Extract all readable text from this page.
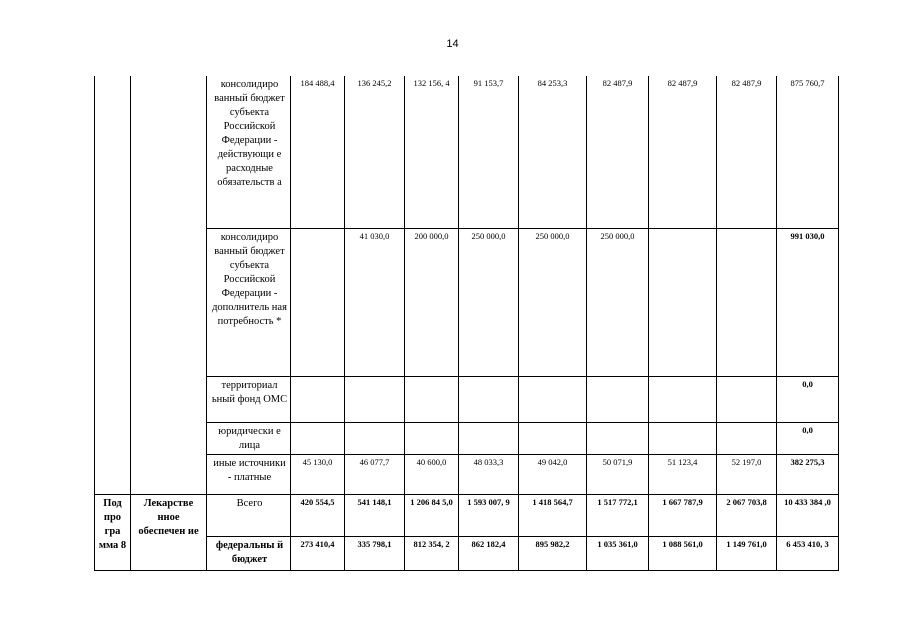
14
		консолидиро ванный бюджет субъекта Российской Федерации - действующи е расходные обязательств а	184 488,4	136 245,2	132 156, 4	91 153,7	84 253,3	82 487,9	82 487,9	82 487,9	875 760,7
		консолидиро ванный бюджет субъекта Российской Федерации - дополнитель ная потребность *		41 030,0	200 000,0	250 000,0	250 000,0	250 000,0			991 030,0
		территориал ьный фонд ОМС									0,0
		юридически е лица									0,0
		иные источники - платные	45 130,0	46 077,7	40 600,0	48 033,3	49 042,0	50 071,9	51 123,4	52 197,0	382 275,3
Под про гра мма 8	Лекарстве нное обеспечен ие	Всего	420 554,5	541 148,1	1 206 84 5,0	1 593 007, 9	1 418 564,7	1 517 772,1	1 667 787,9	2 067 703,8	10 433 384 ,0
		федеральны й бюджет	273 410,4	335 798,1	812 354, 2	862 182,4	895 982,2	1 035 361,0	1 088 561,0	1 149 761,0	6 453 410, 3
